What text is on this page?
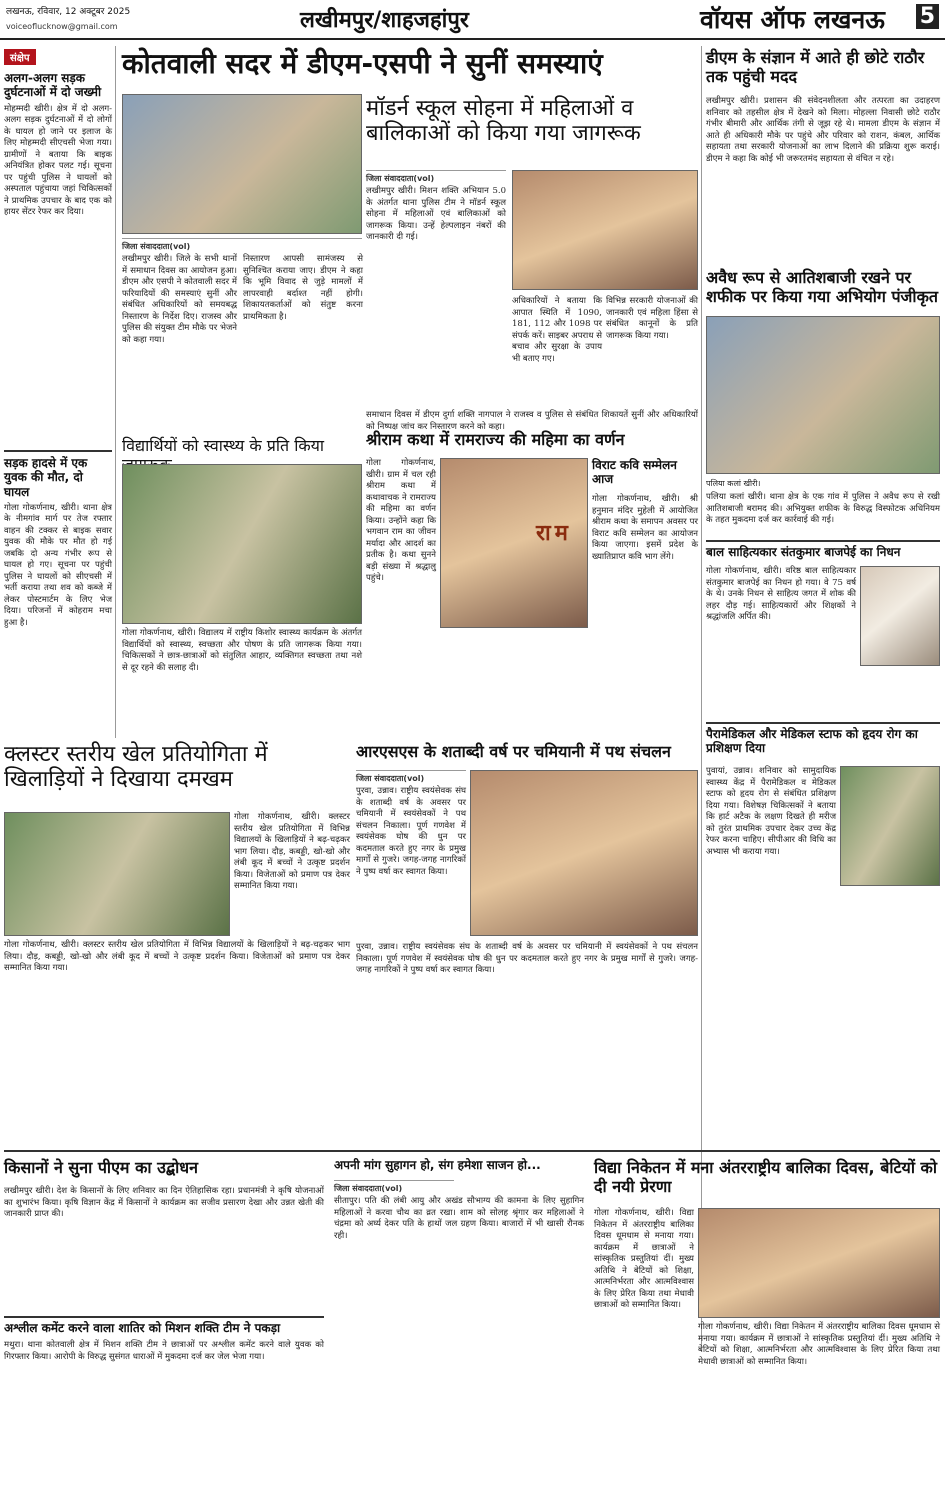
लखनऊ, रविवार, 12 अक्टूबर 2025
voiceoflucknow@gmail.com	लखीमपुर/शाहजहांपुर	वॉयस ऑफ लखनऊ 5
संक्षेप
अलग-अलग सड़क दुर्घटनाओं में दो जख्मी
मोहम्मदी खीरी। क्षेत्र में दो अलग-अलग सड़क दुर्घटनाओं में दो लोगों के घायल हो जाने पर इलाज के लिए मोहम्मदी सीएचसी भेजा गया। ग्रामीणों ने बताया कि बाइक अनियंत्रित होकर पलट गई। सूचना पर पहुंची पुलिस ने घायलों को अस्पताल पहुंचाया जहां चिकित्सकों ने प्राथमिक उपचार के बाद एक को हायर सेंटर रेफर कर दिया।
सड़क हादसे में एक युवक की मौत, दो घायल
गोला गोकर्णनाथ, खीरी। थाना क्षेत्र के नीमगांव मार्ग पर तेज रफ्तार वाहन की टक्कर से बाइक सवार युवक की मौके पर मौत हो गई जबकि दो अन्य गंभीर रूप से घायल हो गए। सूचना पर पहुंची पुलिस ने घायलों को सीएचसी में भर्ती कराया तथा शव को कब्जे में लेकर पोस्टमार्टम के लिए भेज दिया। परिजनों में कोहराम मचा हुआ है।
कोतवाली सदर में डीएम-एसपी ने सुनीं समस्याएं
जिला संवाददाता(vol)
लखीमपुर खीरी। जिले के सभी थानों में समाधान दिवस का आयोजन हुआ। डीएम और एसपी ने कोतवाली सदर में फरियादियों की समस्याएं सुनीं और संबंधित अधिकारियों को समयबद्ध निस्तारण के निर्देश दिए। राजस्व और पुलिस की संयुक्त टीम मौके पर भेजने को कहा गया।
निस्तारण आपसी सामंजस्य से सुनिश्चित कराया जाए। डीएम ने कहा कि भूमि विवाद से जुड़े मामलों में लापरवाही बर्दाश्त नहीं होगी। शिकायतकर्ताओं को संतुष्ट करना प्राथमिकता है।
मॉडर्न स्कूल सोहना में महिलाओं व बालिकाओं को किया गया जागरूक
जिला संवाददाता(vol)
लखीमपुर खीरी। मिशन शक्ति अभियान 5.0 के अंतर्गत थाना पुलिस टीम ने मॉडर्न स्कूल सोहना में महिलाओं एवं बालिकाओं को जागरूक किया। उन्हें हेल्पलाइन नंबरों की जानकारी दी गई।
अधिकारियों ने बताया कि आपात स्थिति में 1090, 181, 112 और 1098 पर संपर्क करें। साइबर अपराध से बचाव और सुरक्षा के उपाय भी बताए गए।
विभिन्न सरकारी योजनाओं की जानकारी एवं महिला हिंसा से संबंधित कानूनों के प्रति जागरूक किया गया।
समाधान दिवस में डीएम दुर्गा शक्ति नागपाल ने राजस्व व पुलिस से संबंधित शिकायतें सुनीं और अधिकारियों को निष्पक्ष जांच कर निस्तारण करने को कहा।
विद्यार्थियों को स्वास्थ्य के प्रति किया
गोला गोकर्णनाथ, खीरी। विद्यालय में राष्ट्रीय किशोर स्वास्थ्य कार्यक्रम के अंतर्गत विद्यार्थियों को स्वास्थ्य, स्वच्छता और पोषण के प्रति जागरूक किया गया। चिकित्सकों ने छात्र-छात्राओं को संतुलित आहार, व्यक्तिगत स्वच्छता तथा नशे से दूर रहने की सलाह दी।
श्रीराम कथा में रामराज्य की महिमा का वर्णन
गोला गोकर्णनाथ, खीरी। ग्राम में चल रही श्रीराम कथा में कथावाचक ने रामराज्य की महिमा का वर्णन किया। उन्होंने कहा कि भगवान राम का जीवन मर्यादा और आदर्श का प्रतीक है। कथा सुनने बड़ी संख्या में श्रद्धालु पहुंचे।
राम
विराट कवि सम्मेलन आज
गोला गोकर्णनाथ, खीरी। श्री हनुमान मंदिर मुहेली में आयोजित श्रीराम कथा के समापन अवसर पर विराट कवि सम्मेलन का आयोजन किया जाएगा। इसमें प्रदेश के ख्यातिप्राप्त कवि भाग लेंगे।
डीएम के संज्ञान में आते ही छोटे राठौर तक पहुंची मदद
लखीमपुर खीरी। प्रशासन की संवेदनशीलता और तत्परता का उदाहरण शनिवार को तहसील क्षेत्र में देखने को मिला। मोहल्ला निवासी छोटे राठौर गंभीर बीमारी और आर्थिक तंगी से जूझ रहे थे। मामला डीएम के संज्ञान में आते ही अधिकारी मौके पर पहुंचे और परिवार को राशन, कंबल, आर्थिक सहायता तथा सरकारी योजनाओं का लाभ दिलाने की प्रक्रिया शुरू कराई। डीएम ने कहा कि कोई भी जरूरतमंद सहायता से वंचित न रहे।
अवैध रूप से आतिशबाजी रखने पर शफीक पर किया गया अभियोग पंजीकृत
पलिया कलां खीरी।
पलिया कलां खीरी। थाना क्षेत्र के एक गांव में पुलिस ने अवैध रूप से रखी आतिशबाजी बरामद की। अभियुक्त शफीक के विरुद्ध विस्फोटक अधिनियम के तहत मुकदमा दर्ज कर कार्रवाई की गई।
बाल साहित्यकार संतकुमार बाजपेई का निधन
गोला गोकर्णनाथ, खीरी। वरिष्ठ बाल साहित्यकार संतकुमार बाजपेई का निधन हो गया। वे 75 वर्ष के थे। उनके निधन से साहित्य जगत में शोक की लहर दौड़ गई। साहित्यकारों और शिक्षकों ने श्रद्धांजलि अर्पित की।
पैरामेडिकल और मेडिकल स्टाफ को हृदय रोग का प्रशिक्षण दिया
पुवायां, उन्नाव। शनिवार को सामुदायिक स्वास्थ्य केंद्र में पैरामेडिकल व मेडिकल स्टाफ को हृदय रोग से संबंधित प्रशिक्षण दिया गया। विशेषज्ञ चिकित्सकों ने बताया कि हार्ट अटैक के लक्षण दिखते ही मरीज को तुरंत प्राथमिक उपचार देकर उच्च केंद्र रेफर करना चाहिए। सीपीआर की विधि का अभ्यास भी कराया गया।
क्लस्टर स्तरीय खेल प्रतियोगिता में खिलाड़ियों ने दिखाया दमखम
गोला गोकर्णनाथ, खीरी। क्लस्टर स्तरीय खेल प्रतियोगिता में विभिन्न विद्यालयों के खिलाड़ियों ने बढ़-चढ़कर भाग लिया। दौड़, कबड्डी, खो-खो और लंबी कूद में बच्चों ने उत्कृष्ट प्रदर्शन किया। विजेताओं को प्रमाण पत्र देकर सम्मानित किया गया।
गोला गोकर्णनाथ, खीरी। क्लस्टर स्तरीय खेल प्रतियोगिता में विभिन्न विद्यालयों के खिलाड़ियों ने बढ़-चढ़कर भाग लिया। दौड़, कबड्डी, खो-खो और लंबी कूद में बच्चों ने उत्कृष्ट प्रदर्शन किया। विजेताओं को प्रमाण पत्र देकर सम्मानित किया गया।
आरएसएस के शताब्दी वर्ष पर चमियानी में पथ संचलन
जिला संवाददाता(vol)
पुरवा, उन्नाव। राष्ट्रीय स्वयंसेवक संघ के शताब्दी वर्ष के अवसर पर चमियानी में स्वयंसेवकों ने पथ संचलन निकाला। पूर्ण गणवेश में स्वयंसेवक घोष की धुन पर कदमताल करते हुए नगर के प्रमुख मार्गों से गुजरे। जगह-जगह नागरिकों ने पुष्प वर्षा कर स्वागत किया।
पुरवा, उन्नाव। राष्ट्रीय स्वयंसेवक संघ के शताब्दी वर्ष के अवसर पर चमियानी में स्वयंसेवकों ने पथ संचलन निकाला। पूर्ण गणवेश में स्वयंसेवक घोष की धुन पर कदमताल करते हुए नगर के प्रमुख मार्गों से गुजरे। जगह-जगह नागरिकों ने पुष्प वर्षा कर स्वागत किया।
किसानों ने सुना पीएम का उद्बोधन
लखीमपुर खीरी। देश के किसानों के लिए शनिवार का दिन ऐतिहासिक रहा। प्रधानमंत्री ने कृषि योजनाओं का शुभारंभ किया। कृषि विज्ञान केंद्र में किसानों ने कार्यक्रम का सजीव प्रसारण देखा और उन्नत खेती की जानकारी प्राप्त की।
अश्लील कमेंट करने वाला शातिर को मिशन शक्ति टीम ने पकड़ा
मथुरा। थाना कोतवाली क्षेत्र में मिशन शक्ति टीम ने छात्राओं पर अश्लील कमेंट करने वाले युवक को गिरफ्तार किया। आरोपी के विरुद्ध सुसंगत धाराओं में मुकदमा दर्ज कर जेल भेजा गया।
अपनी मांग सुहागन हो, संग हमेशा साजन हो...
जिला संवाददाता(vol)
सीतापुर। पति की लंबी आयु और अखंड सौभाग्य की कामना के लिए सुहागिन महिलाओं ने करवा चौथ का व्रत रखा। शाम को सोलह श्रृंगार कर महिलाओं ने चंद्रमा को अर्घ्य देकर पति के हाथों जल ग्रहण किया। बाजारों में भी खासी रौनक रही।
विद्या निकेतन में मना अंतरराष्ट्रीय बालिका दिवस, बेटियों को दी नयी प्रेरणा
गोला गोकर्णनाथ, खीरी। विद्या निकेतन में अंतरराष्ट्रीय बालिका दिवस धूमधाम से मनाया गया। कार्यक्रम में छात्राओं ने सांस्कृतिक प्रस्तुतियां दीं। मुख्य अतिथि ने बेटियों को शिक्षा, आत्मनिर्भरता और आत्मविश्वास के लिए प्रेरित किया तथा मेधावी छात्राओं को सम्मानित किया।
गोला गोकर्णनाथ, खीरी। विद्या निकेतन में अंतरराष्ट्रीय बालिका दिवस धूमधाम से मनाया गया। कार्यक्रम में छात्राओं ने सांस्कृतिक प्रस्तुतियां दीं। मुख्य अतिथि ने बेटियों को शिक्षा, आत्मनिर्भरता और आत्मविश्वास के लिए प्रेरित किया तथा मेधावी छात्राओं को सम्मानित किया।
